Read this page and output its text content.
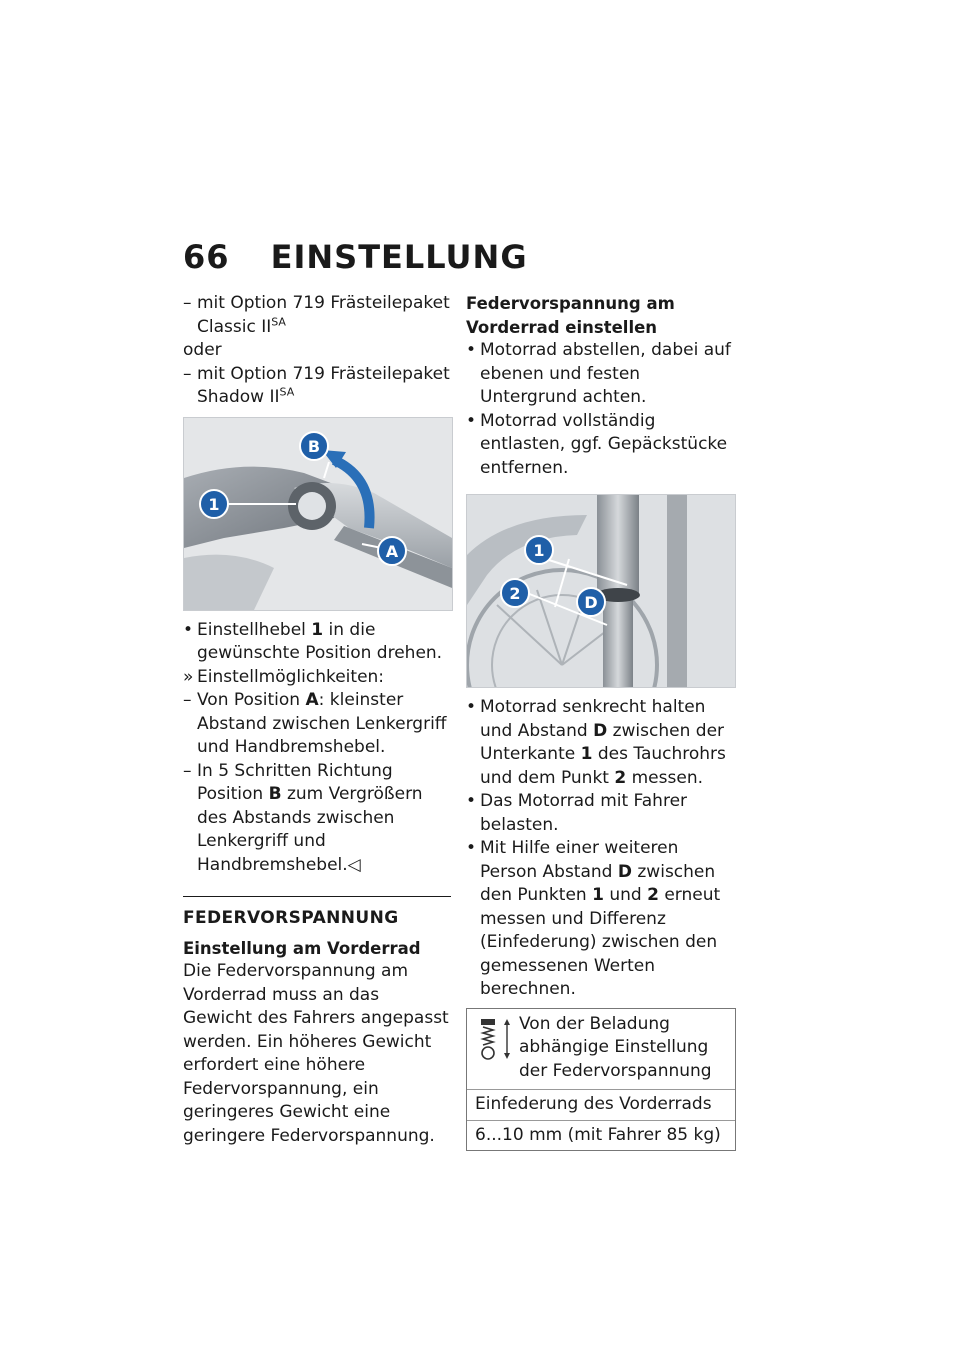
66 EINSTELLUNG

– mit Option 719 Frästeilepaket Classic $II^{SA}$

oder

– mit Option 719 Frästeilepaket Shadow $II^{SA}$

B
1
A

• Einstellhebel 1 in die gewünschte Position drehen.

» Einstellmöglichkeiten:

– Von Position A: kleinster Abstand zwischen Lenkergriff und Handbremshebel.

– In 5 Schritten Richtung Position B zum Vergrößern des Abstands zwischen Lenkergriff und Handbremshebel.◁

FEDERVORSPANNUNG

Einstellung am Vorderrad

Die Federvorspannung am Vorderrad muss an das Gewicht des Fahrers angepasst werden. Ein höheres Gewicht erfordert eine höhere Federvorspannung, ein geringeres Gewicht eine geringere Federvorspannung.

Federvorspannung am Vorderrad einstellen

• Motorrad abstellen, dabei auf ebenen und festen Untergrund achten.

• Motorrad vollständig entlasten, ggf. Gepäckstücke entfernen.

1
2	D

• Motorrad senkrecht halten und Abstand D zwischen der Unterkante 1 des Tauchrohrs und dem Punkt 2 messen.

• Das Motorrad mit Fahrer belasten.

• Mit Hilfe einer weiteren Person Abstand D zwischen den Punkten 1 und 2 erneut messen und Differenz (Einfederung) zwischen den gemessenen Werten berechnen.

Von der Beladung abhängige Einstellung der Federvorspannung
Einfederung des Vorderrads
6...10 mm (mit Fahrer 85 kg)
